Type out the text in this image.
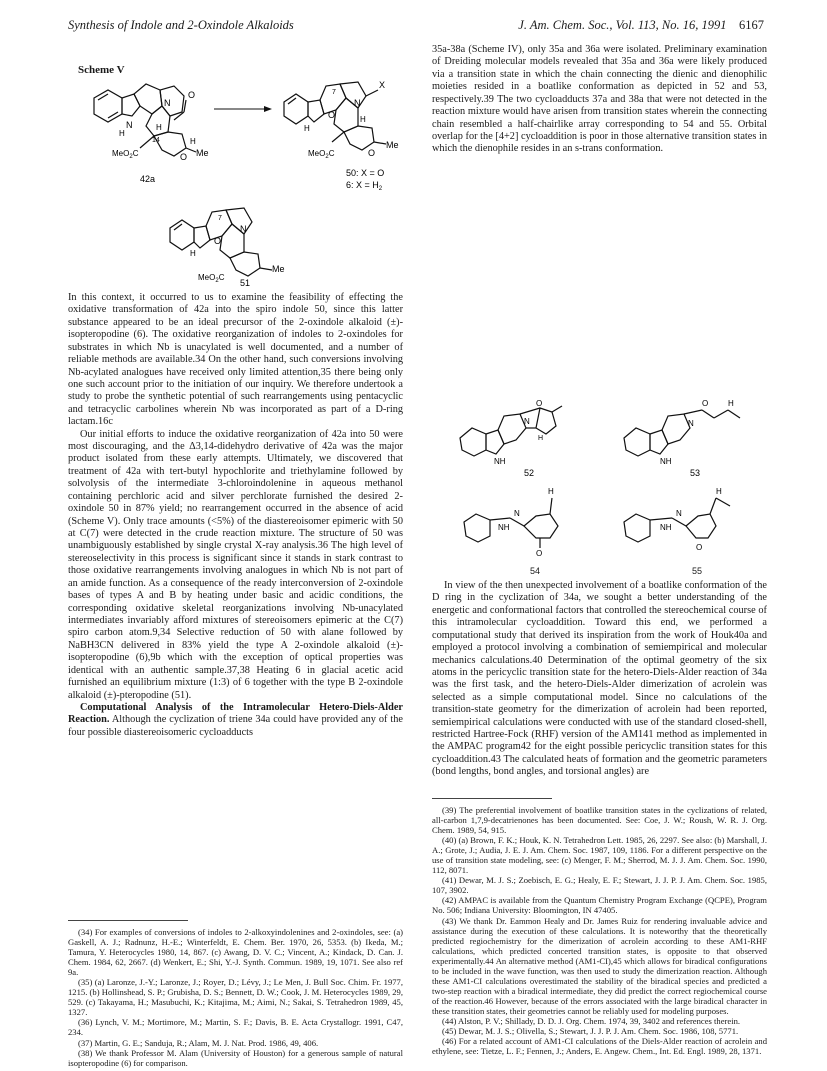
Synthesis of Indole and 2-Oxindole Alkaloids	J. Am. Chem. Soc., Vol. 113, No. 16, 1991 6167
Scheme V
N
H
H
N
O
14	H
Me
O
MeO$_2$C
42a
H
O
7
N
X
H
Me
O
MeO$_2$C
50: X = O
6: $X = H_2$
H
O
7
N
Me
MeO$_2$C
51

In this context, it occurred to us to examine the feasibility of effecting the oxidative transformation of 42a into the spiro indole 50, since this latter substance appeared to be an ideal precursor of the 2-oxindole alkaloid (±)-isopteropodine (6). The oxidative reorganization of indoles to 2-oxindoles for substrates in which Nb is unacylated is well documented, and a number of reliable methods are available.34 On the other hand, such conversions involving Nb-acylated analogues have received only limited attention,35 there being only one such account prior to the initiation of our inquiry. We therefore undertook a study to probe the synthetic potential of such rearrangements using pentacyclic and tetracyclic carbolines wherein Nb was incorporated as part of a D-ring lactam.16c

Our initial efforts to induce the oxidative reorganization of 42a into 50 were most discouraging, and the Δ3,14-didehydro derivative of 42a was the major product isolated from these early attempts. Ultimately, we discovered that treatment of 42a with tert-butyl hypochlorite and triethylamine followed by solvolysis of the intermediate 3-chloroindolenine in aqueous methanol containing perchloric acid and silver perchlorate furnished the desired 2-oxindole 50 in 87% yield; no rearrangement occurred in the absence of acid (Scheme V). Only trace amounts (<5%) of the diastereoisomer epimeric with 50 at C(7) were detected in the crude reaction mixture. The structure of 50 was unambiguously established by single crystal X-ray analysis.36 The high level of stereoselectivity in this process is significant since it stands in stark contrast to those oxidative rearrangements involving analogues in which Nb is not part of an amide function. As a consequence of the ready interconversion of 2-oxindole bases of types A and B by heating under basic and acidic conditions, the corresponding oxidative skeletal reorganizations involving Nb-unacylated intermediates invariably afford mixtures of stereoisomers epimeric at the C(7) spiro carbon atom.9,34 Selective reduction of 50 with alane followed by NaBH3CN delivered in 83% yield the type A 2-oxindole alkaloid (±)-isopteropodine (6),9b which with the exception of optical properties was identical with an authentic sample.37,38 Heating 6 in glacial acetic acid furnished an equilibrium mixture (1:3) of 6 together with the type B 2-oxindole alkaloid (±)-pteropodine (51).

Computational Analysis of the Intramolecular Hetero-Diels-Alder Reaction. Although the cyclization of triene 34a could have provided any of the four possible diastereoisomeric cycloadducts

(34) For examples of conversions of indoles to 2-alkoxyindolenines and 2-oxindoles, see: (a) Gaskell, A. J.; Radnunz, H.-E.; Winterfeldt, E. Chem. Ber. 1970, 26, 5353. (b) Ikeda, M.; Tamura, Y. Heterocycles 1980, 14, 867. (c) Awang, D. V. C.; Vincent, A.; Kindack, D. Can. J. Chem. 1984, 62, 2667. (d) Wenkert, E.; Shi, Y.-J. Synth. Commun. 1989, 19, 1071. See also ref 9a.

(35) (a) Laronze, J.-Y.; Laronze, J.; Royer, D.; Lévy, J.; Le Men, J. Bull Soc. Chim. Fr. 1977, 1215. (b) Hollinshead, S. P.; Grubisha, D. S.; Bennett, D. W.; Cook, J. M. Heterocycles 1989, 29, 529. (c) Takayama, H.; Masubuchi, K.; Kitajima, M.; Aimi, N.; Sakai, S. Tetrahedron 1989, 45, 1327.

(36) Lynch, V. M.; Mortimore, M.; Martin, S. F.; Davis, B. E. Acta Crystallogr. 1991, C47, 234.

(37) Martin, G. E.; Sanduja, R.; Alam, M. J. Nat. Prod. 1986, 49, 406.

(38) We thank Professor M. Alam (University of Houston) for a generous sample of natural isopteropodine (6) for comparison.

35a-38a (Scheme IV), only 35a and 36a were isolated. Preliminary examination of Dreiding molecular models revealed that 35a and 36a were likely produced via a transition state in which the chain connecting the dienic and dienophilic moieties resided in a boatlike conformation as depicted in 52 and 53, respectively.39 The two cycloadducts 37a and 38a that were not detected in the reaction mixture would have arisen from transition states wherein the connecting chain resembled a half-chairlike array corresponding to 54 and 55. Orbital overlap for the [4+2] cycloaddition is poor in those alternative transition states in which the dienophile resides in an s-trans conformation.

NH
N
O
H
52
NH
N
O H
53
NH
N
H
O
NH
N
H
O
54	55

In view of the then unexpected involvement of a boatlike conformation of the D ring in the cyclization of 34a, we sought a better understanding of the energetic and conformational factors that controlled the stereochemical course of this intramolecular cycloaddition. Toward this end, we performed a computational study that derived its inspiration from the work of Houk40a and employed a protocol involving a combination of semiempirical and molecular mechanics calculations.40 Determination of the optimal geometry of the six atoms in the pericyclic transition state for the hetero-Diels-Alder reaction of 34a was the first task, and the hetero-Diels-Alder dimerization of acrolein was selected as a simple computational model. Since no calculations of the transition-state geometry for the dimerization of acrolein had been reported, semiempirical calculations were conducted with use of the standard closed-shell, restricted Hartree-Fock (RHF) version of the AM141 method as implemented in the AMPAC program42 for the eight possible pericyclic transition states for this cycloaddition.43 The calculated heats of formation and the geometric parameters (bond lengths, bond angles, and torsional angles) are

(39) The preferential involvement of boatlike transition states in the cyclizations of related, all-carbon 1,7,9-decatrienones has been documented. See: Coe, J. W.; Roush, W. R. J. Org. Chem. 1989, 54, 915.

(40) (a) Brown, F. K.; Houk, K. N. Tetrahedron Lett. 1985, 26, 2297. See also: (b) Marshall, J. A.; Grote, J.; Audia, J. E. J. Am. Chem. Soc. 1987, 109, 1186. For a different perspective on the use of transition state modeling, see: (c) Menger, F. M.; Sherrod, M. J. J. Am. Chem. Soc. 1990, 112, 8071.

(41) Dewar, M. J. S.; Zoebisch, E. G.; Healy, E. F.; Stewart, J. J. P. J. Am. Chem. Soc. 1985, 107, 3902.

(42) AMPAC is available from the Quantum Chemistry Program Exchange (QCPE), Program No. 506; Indiana University: Bloomington, IN 47405.

(43) We thank Dr. Eammon Healy and Dr. James Ruiz for rendering invaluable advice and assistance during the execution of these calculations. It is noteworthy that the theoretically predicted regiochemistry for the dimerization of acrolein according to these AM1-RHF calculations, which predicted concerted transition states, is opposite to that observed experimentally.44 An alternative method (AM1-CI),45 which allows for biradical configurations to be included in the wave function, was then used to study the dimerization reaction. Although these AM1-CI calculations overestimated the stability of the biradical species and predicted a two-step reaction with a biradical intermediate, they did predict the correct regiochemical course of the reaction.46 However, because of the errors associated with the large biradical character in these transition states, their geometries cannot be reliably used for modeling purposes.

(44) Alston, P. V.; Shillady, D. D. J. Org. Chem. 1974, 39, 3402 and references therein.

(45) Dewar, M. J. S.; Olivella, S.; Stewart, J. J. P. J. Am. Chem. Soc. 1986, 108, 5771.

(46) For a related account of AM1-CI calculations of the Diels-Alder reaction of acrolein and ethylene, see: Tietze, L. F.; Fennen, J.; Anders, E. Angew. Chem., Int. Ed. Engl. 1989, 28, 1371.
